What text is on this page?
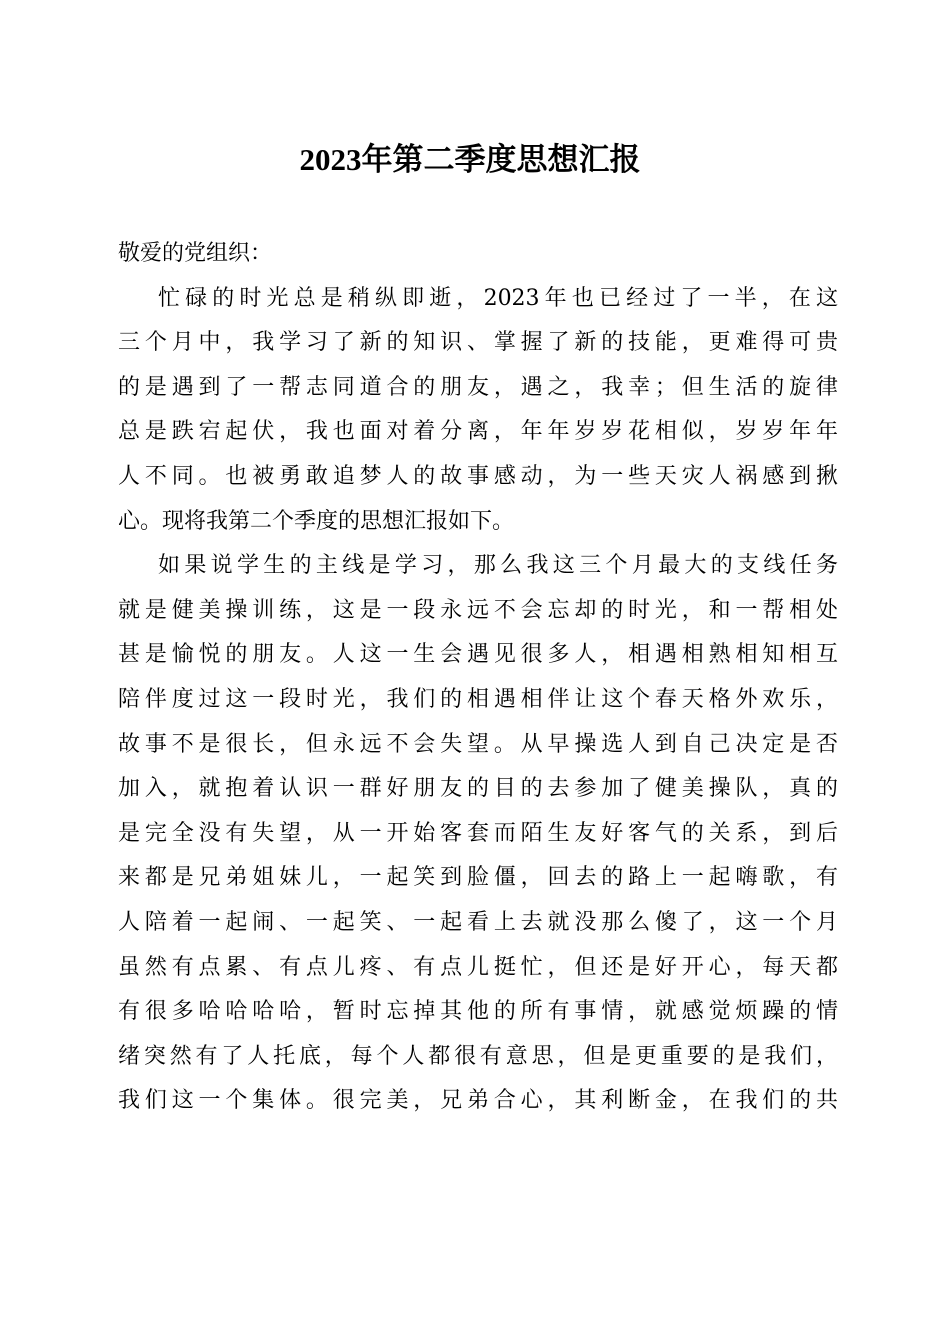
2023年第二季度思想汇报
敬爱的党组织：
忙碌的时光总是稍纵即逝，2023年也已经过了一半，在这
三个月中，我学习了新的知识、掌握了新的技能，更难得可贵
的是遇到了一帮志同道合的朋友，遇之，我幸；但生活的旋律
总是跌宕起伏，我也面对着分离，年年岁岁花相似，岁岁年年
人不同。也被勇敢追梦人的故事感动，为一些天灾人祸感到揪
心。现将我第二个季度的思想汇报如下。
如果说学生的主线是学习，那么我这三个月最大的支线任务
就是健美操训练，这是一段永远不会忘却的时光，和一帮相处
甚是愉悦的朋友。人这一生会遇见很多人，相遇相熟相知相互
陪伴度过这一段时光，我们的相遇相伴让这个春天格外欢乐，
故事不是很长，但永远不会失望。从早操选人到自己决定是否
加入，就抱着认识一群好朋友的目的去参加了健美操队，真的
是完全没有失望，从一开始客套而陌生友好客气的关系，到后
来都是兄弟姐妹儿，一起笑到脸僵，回去的路上一起嗨歌，有
人陪着一起闹、一起笑、一起看上去就没那么傻了，这一个月
虽然有点累、有点儿疼、有点儿挺忙，但还是好开心，每天都
有很多哈哈哈哈，暂时忘掉其他的所有事情，就感觉烦躁的情
绪突然有了人托底，每个人都很有意思，但是更重要的是我们，
我们这一个集体。很完美，兄弟合心，其利断金，在我们的共
